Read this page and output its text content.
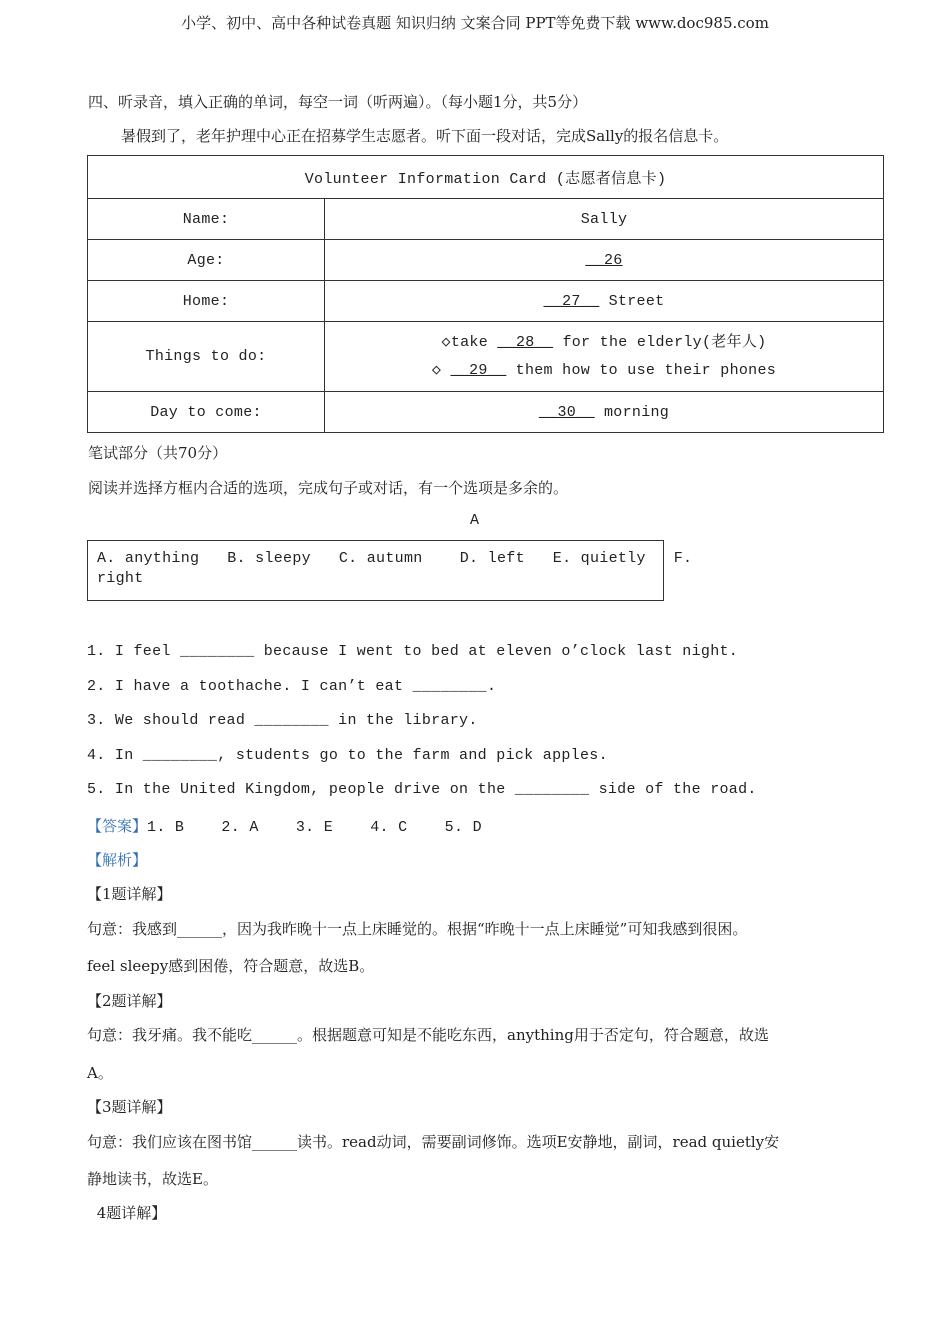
小学、初中、高中各种试卷真题 知识归纳 文案合同 PPT等免费下载 www.doc985.com
四、听录音，填入正确的单词，每空一词（听两遍）。（每小题1分，共5分）
暑假到了，老年护理中心正在招募学生志愿者。听下面一段对话，完成Sally的报名信息卡。
Volunteer Information Card (志愿者信息卡)	
Name:	Sally
Age:	__26
Home:	__27__ Street
Things to do:	◇take __28__ for the elderly(老年人)
◇ __29__ them how to use their phones

Day to come:	__30__ morning
笔试部分（共70分）
阅读并选择方框内合适的选项，完成句子或对话，有一个选项是多余的。
A
A. anything   B. sleepy   C. autumn    D. left   E. quietly   F.
right
1. I feel ________ because I went to bed at eleven o’clock last night.
2. I have a toothache. I can’t eat ________.
3. We should read ________ in the library.
4. In ________, students go to the farm and pick apples.
5. In the United Kingdom, people drive on the ________ side of the road.
【答案】1. B    2. A    3. E    4. C    5. D
【解析】
【1题详解】
句意：我感到______，因为我昨晚十一点上床睡觉的。根据“昨晚十一点上床睡觉”可知我感到很困。
feel sleepy感到困倦，符合题意，故选B。
【2题详解】
句意：我牙痛。我不能吃______。根据题意可知是不能吃东西，anything用于否定句，符合题意，故选
A。
【3题详解】
句意：我们应该在图书馆______读书。read动词，需要副词修饰。选项E安静地，副词，read quietly安
静地读书，故选E。
4题详解】
